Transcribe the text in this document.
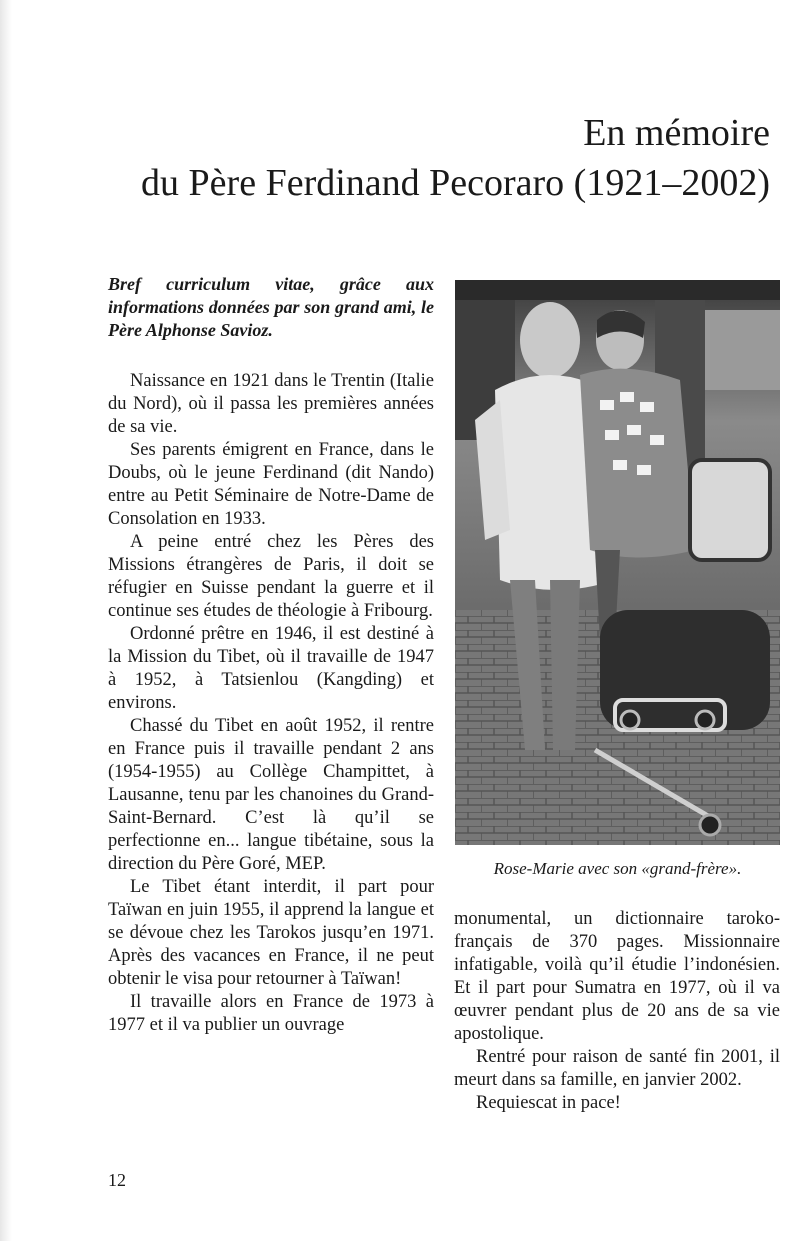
En mémoire
du Père Ferdinand Pecoraro (1921–2002)

Bref curriculum vitae, grâce aux informations données par son grand ami, le Père Alphonse Savioz.

Naissance en 1921 dans le Trentin (Italie du Nord), où il passa les premières années de sa vie.

Ses parents émigrent en France, dans le Doubs, où le jeune Ferdinand (dit Nando) entre au Petit Séminaire de Notre-Dame de Consolation en 1933.

A peine entré chez les Pères des Missions étrangères de Paris, il doit se réfugier en Suisse pendant la guerre et il continue ses études de théologie à Fribourg.

Ordonné prêtre en 1946, il est destiné à la Mission du Tibet, où il travaille de 1947 à 1952, à Tatsienlou (Kangding) et environs.

Chassé du Tibet en août 1952, il rentre en France puis il travaille pendant 2 ans (1954-1955) au Collège Champittet, à Lausanne, tenu par les chanoines du Grand-Saint-Bernard. C’est là qu’il se perfectionne en... langue tibétaine, sous la direction du Père Goré, MEP.

Le Tibet étant interdit, il part pour Taïwan en juin 1955, il apprend la langue et se dévoue chez les Tarokos jusqu’en 1971. Après des vacances en France, il ne peut obtenir le visa pour retourner à Taïwan!

Il travaille alors en France de 1973 à 1977 et il va publier un ouvrage

Rose-Marie avec son «grand-frère».

monumental, un dictionnaire taroko-français de 370 pages. Missionnaire infatigable, voilà qu’il étudie l’indonésien. Et il part pour Sumatra en 1977, où il va œuvrer pendant plus de 20 ans de sa vie apostolique.

Rentré pour raison de santé fin 2001, il meurt dans sa famille, en janvier 2002.

Requiescat in pace!

12
